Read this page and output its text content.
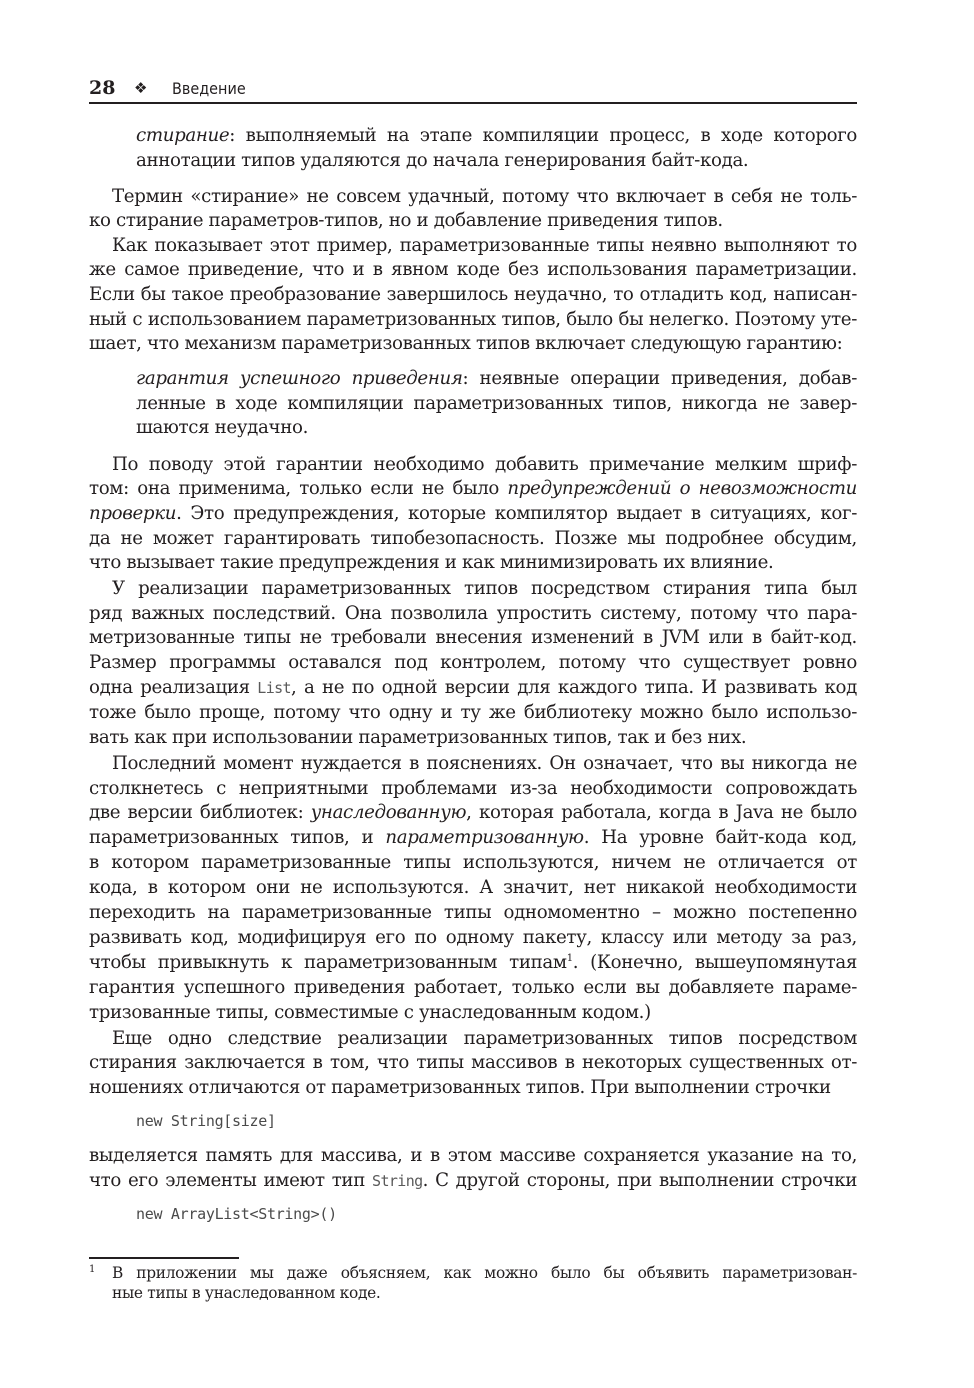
28 ❖ Введение
стирание: выполняемый на этапе компиляции процесс, в ходе которого
аннотации типов удаляются до начала генерирования байт-кода.
Термин «стирание» не совсем удачный, потому что включает в себя не толь-
ко стирание параметров-типов, но и добавление приведения типов.
Как показывает этот пример, параметризованные типы неявно выполняют то
же самое приведение, что и в явном коде без использования параметризации.
Если бы такое преобразование завершилось неудачно, то отладить код, написан-
ный с использованием параметризованных типов, было бы нелегко. Поэтому уте-
шает, что механизм параметризованных типов включает следующую гарантию:
гарантия успешного приведения: неявные операции приведения, добав-
ленные в ходе компиляции параметризованных типов, никогда не завер-
шаются неудачно.
По поводу этой гарантии необходимо добавить примечание мелким шриф-
том: она применима, только если не было предупреждений о невозможности
проверки. Это предупреждения, которые компилятор выдает в ситуациях, ког-
да не может гарантировать типобезопасность. Позже мы подробнее обсудим,
что вызывает такие предупреждения и как минимизировать их влияние.
У реализации параметризованных типов посредством стирания типа был
ряд важных последствий. Она позволила упростить систему, потому что пара-
метризованные типы не требовали внесения изменений в JVM или в байт-код.
Размер программы оставался под контролем, потому что существует ровно
одна реализация List, а не по одной версии для каждого типа. И развивать код
тоже было проще, потому что одну и ту же библиотеку можно было использо-
вать как при использовании параметризованных типов, так и без них.
Последний момент нуждается в пояснениях. Он означает, что вы никогда не
столкнетесь с неприятными проблемами из-за необходимости сопровождать
две версии библиотек: унаследованную, которая работала, когда в Java не было
параметризованных типов, и параметризованную. На уровне байт-кода код,
в котором параметризованные типы используются, ничем не отличается от
кода, в котором они не используются. А значит, нет никакой необходимости
переходить на параметризованные типы одномоментно – можно постепенно
развивать код, модифицируя его по одному пакету, классу или методу за раз,
чтобы привыкнуть к параметризованным типам$^1$. (Конечно, вышеупомянутая
гарантия успешного приведения работает, только если вы добавляете параме-
тризованные типы, совместимые с унаследованным кодом.)
Еще одно следствие реализации параметризованных типов посредством
стирания заключается в том, что типы массивов в некоторых существенных от-
ношениях отличаются от параметризованных типов. При выполнении строчки
new String[size]
выделяется память для массива, и в этом массиве сохраняется указание на то,
что его элементы имеют тип String. С другой стороны, при выполнении строчки
new ArrayList<String>()
1 В приложении мы даже объясняем, как можно было бы объявить параметризован-
ные типы в унаследованном коде.
